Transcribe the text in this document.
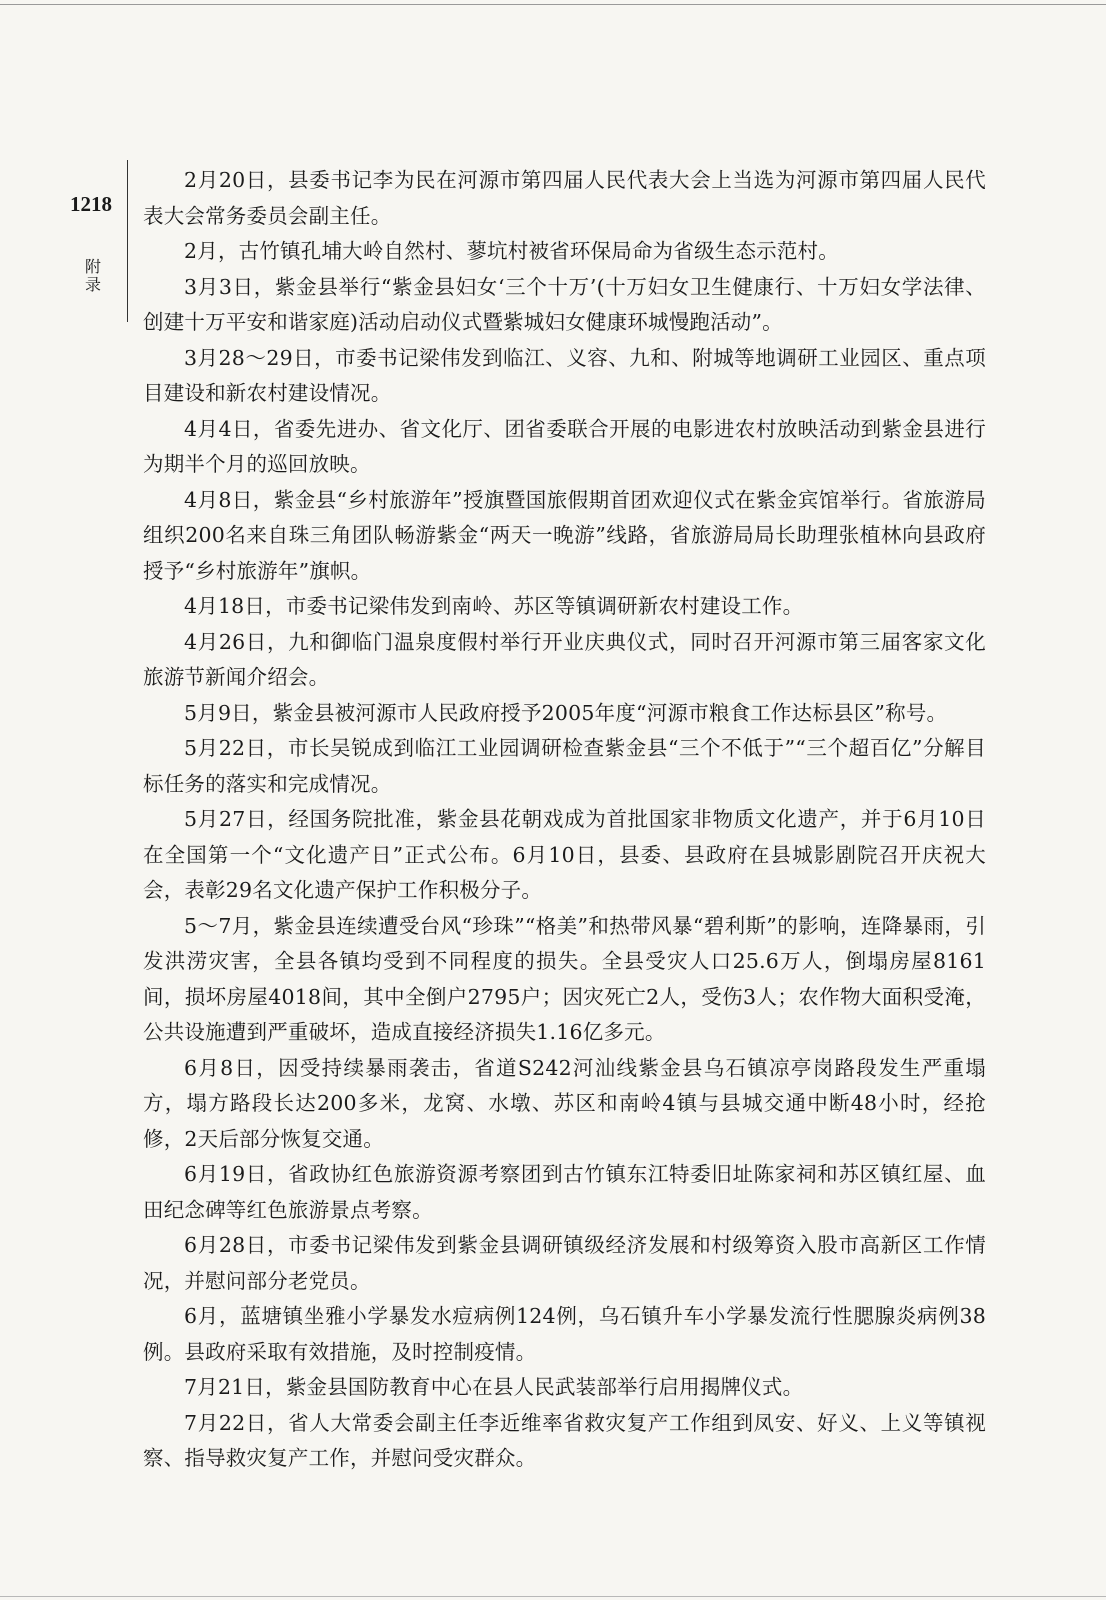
1218
附录

2月20日，县委书记李为民在河源市第四届人民代表大会上当选为河源市第四届人民代表大会常务委员会副主任。

2月，古竹镇孔埔大岭自然村、蓼坑村被省环保局命为省级生态示范村。

3月3日，紫金县举行“紫金县妇女‘三个十万’(十万妇女卫生健康行、十万妇女学法律、创建十万平安和谐家庭)活动启动仪式暨紫城妇女健康环城慢跑活动”。

3月28～29日，市委书记梁伟发到临江、义容、九和、附城等地调研工业园区、重点项目建设和新农村建设情况。

4月4日，省委先进办、省文化厅、团省委联合开展的电影进农村放映活动到紫金县进行为期半个月的巡回放映。

4月8日，紫金县“乡村旅游年”授旗暨国旅假期首团欢迎仪式在紫金宾馆举行。省旅游局组织200名来自珠三角团队畅游紫金“两天一晚游”线路，省旅游局局长助理张植林向县政府授予“乡村旅游年”旗帜。

4月18日，市委书记梁伟发到南岭、苏区等镇调研新农村建设工作。

4月26日，九和御临门温泉度假村举行开业庆典仪式，同时召开河源市第三届客家文化旅游节新闻介绍会。

5月9日，紫金县被河源市人民政府授予2005年度“河源市粮食工作达标县区”称号。

5月22日，市长吴锐成到临江工业园调研检查紫金县“三个不低于”“三个超百亿”分解目标任务的落实和完成情况。

5月27日，经国务院批准，紫金县花朝戏成为首批国家非物质文化遗产，并于6月10日在全国第一个“文化遗产日”正式公布。6月10日，县委、县政府在县城影剧院召开庆祝大会，表彰29名文化遗产保护工作积极分子。

5～7月，紫金县连续遭受台风“珍珠”“格美”和热带风暴“碧利斯”的影响，连降暴雨，引发洪涝灾害，全县各镇均受到不同程度的损失。全县受灾人口25.6万人，倒塌房屋8161间，损坏房屋4018间，其中全倒户2795户；因灾死亡2人，受伤3人；农作物大面积受淹，公共设施遭到严重破坏，造成直接经济损失1.16亿多元。

6月8日，因受持续暴雨袭击，省道S242河汕线紫金县乌石镇凉亭岗路段发生严重塌方，塌方路段长达200多米，龙窝、水墩、苏区和南岭4镇与县城交通中断48小时，经抢修，2天后部分恢复交通。

6月19日，省政协红色旅游资源考察团到古竹镇东江特委旧址陈家祠和苏区镇红屋、血田纪念碑等红色旅游景点考察。

6月28日，市委书记梁伟发到紫金县调研镇级经济发展和村级筹资入股市高新区工作情况，并慰问部分老党员。

6月，蓝塘镇坐雅小学暴发水痘病例124例，乌石镇升车小学暴发流行性腮腺炎病例38例。县政府采取有效措施，及时控制疫情。

7月21日，紫金县国防教育中心在县人民武装部举行启用揭牌仪式。

7月22日，省人大常委会副主任李近维率省救灾复产工作组到凤安、好义、上义等镇视察、指导救灾复产工作，并慰问受灾群众。
